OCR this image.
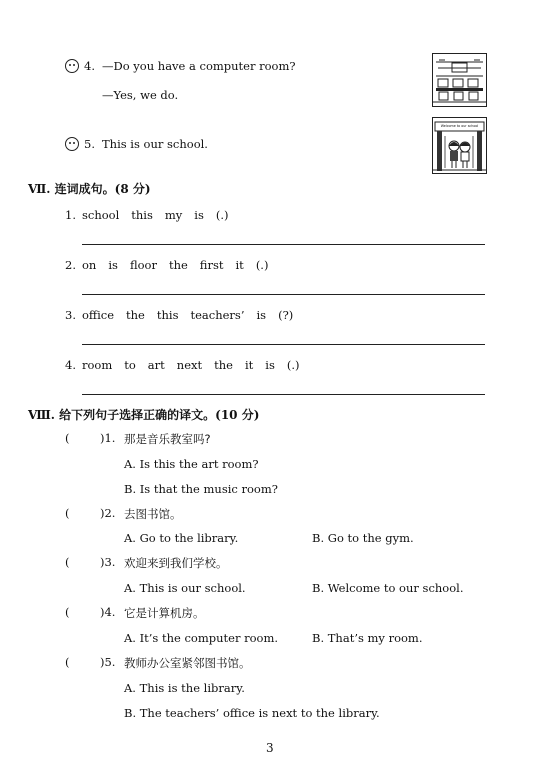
4. —Do you have a computer room?
—Yes, we do.
5. This is our school.
Welcome to our school
Ⅶ. 连词成句。(8 分)
1. school this my is (.)
2. on is floor the first it (.)
3. office the this teachers’ is (?)
4. room to art next the it is (.)
Ⅷ. 给下列句子选择正确的译文。(10 分)
(	)1. 那是音乐教室吗?
A. Is this the art room?
B. Is that the music room?
(	)2. 去图书馆。
A. Go to the library.	B. Go to the gym.
(	)3. 欢迎来到我们学校。
A. This is our school.	B. Welcome to our school.
(	)4. 它是计算机房。
A. It’s the computer room.	B. That’s my room.
(	)5. 教师办公室紧邻图书馆。
A. This is the library.
B. The teachers’ office is next to the library.
3
